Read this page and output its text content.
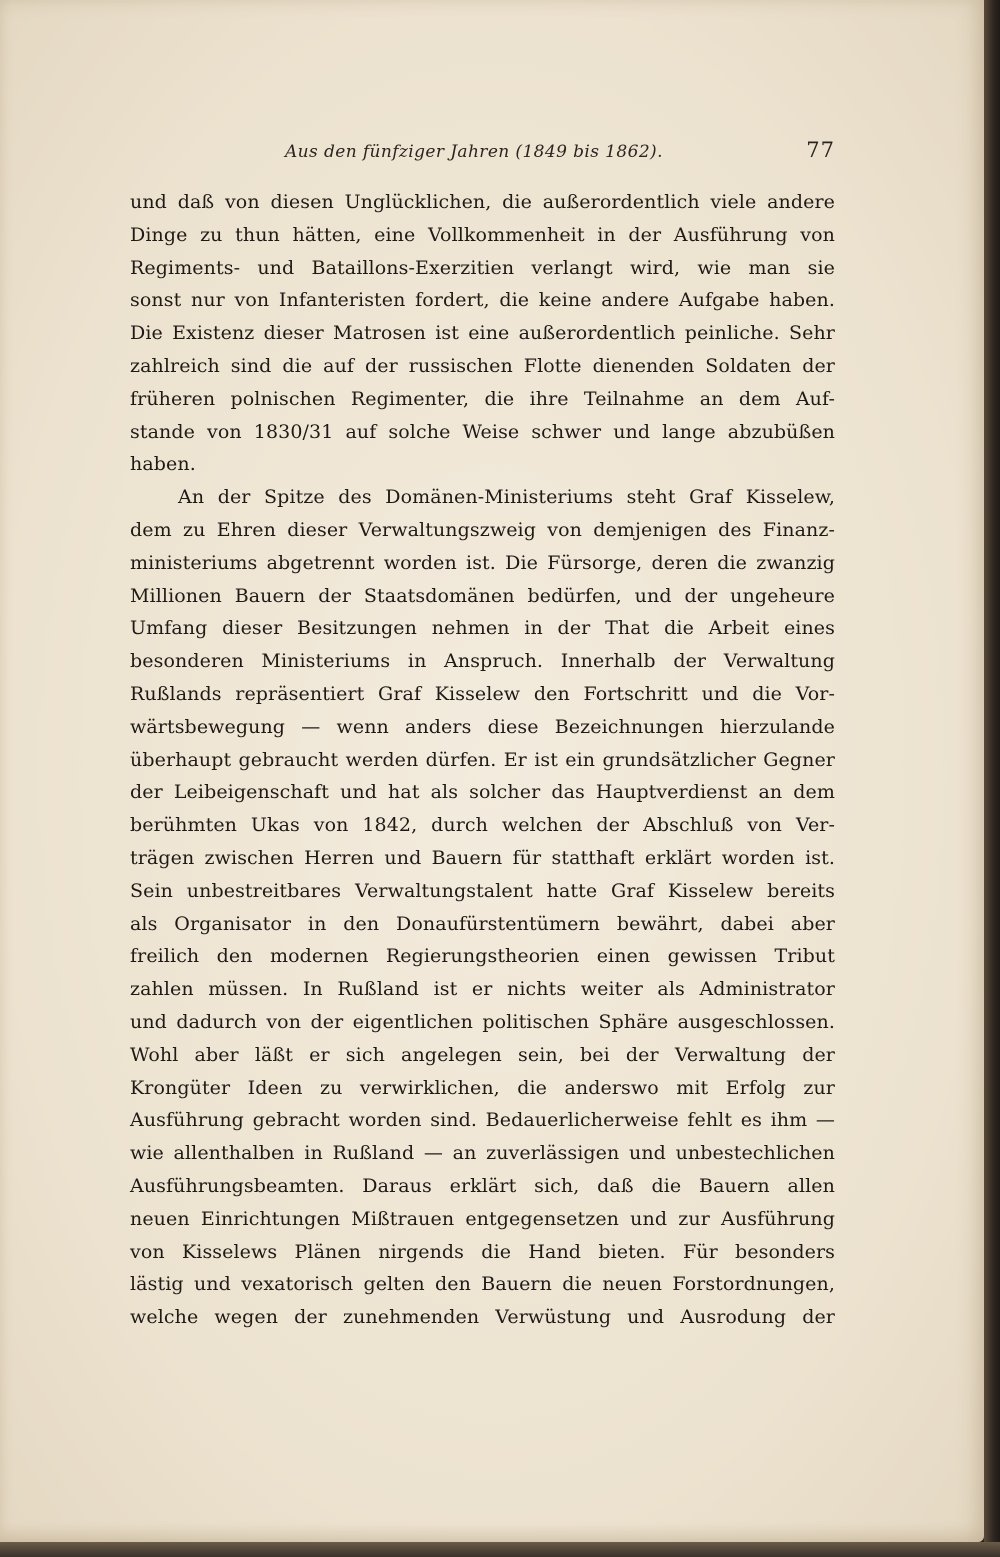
Aus den fünfziger Jahren (1849 bis 1862).	77
und daß von diesen Unglücklichen, die außerordentlich viele andere
Dinge zu thun hätten, eine Vollkommenheit in der Ausführung von
Regiments- und Bataillons-Exerzitien verlangt wird, wie man sie
sonst nur von Infanteristen fordert, die keine andere Aufgabe haben.
Die Existenz dieser Matrosen ist eine außerordentlich peinliche. Sehr
zahlreich sind die auf der russischen Flotte dienenden Soldaten der
früheren polnischen Regimenter, die ihre Teilnahme an dem Auf-
stande von 1830/31 auf solche Weise schwer und lange abzubüßen
haben.
An der Spitze des Domänen-Ministeriums steht Graf Kisselew,
dem zu Ehren dieser Verwaltungszweig von demjenigen des Finanz-
ministeriums abgetrennt worden ist. Die Fürsorge, deren die zwanzig
Millionen Bauern der Staatsdomänen bedürfen, und der ungeheure
Umfang dieser Besitzungen nehmen in der That die Arbeit eines
besonderen Ministeriums in Anspruch. Innerhalb der Verwaltung
Rußlands repräsentiert Graf Kisselew den Fortschritt und die Vor-
wärtsbewegung — wenn anders diese Bezeichnungen hierzulande
überhaupt gebraucht werden dürfen. Er ist ein grundsätzlicher Gegner
der Leibeigenschaft und hat als solcher das Hauptverdienst an dem
berühmten Ukas von 1842, durch welchen der Abschluß von Ver-
trägen zwischen Herren und Bauern für statthaft erklärt worden ist.
Sein unbestreitbares Verwaltungstalent hatte Graf Kisselew bereits
als Organisator in den Donaufürstentümern bewährt, dabei aber
freilich den modernen Regierungstheorien einen gewissen Tribut
zahlen müssen. In Rußland ist er nichts weiter als Administrator
und dadurch von der eigentlichen politischen Sphäre ausgeschlossen.
Wohl aber läßt er sich angelegen sein, bei der Verwaltung der
Krongüter Ideen zu verwirklichen, die anderswo mit Erfolg zur
Ausführung gebracht worden sind. Bedauerlicherweise fehlt es ihm —
wie allenthalben in Rußland — an zuverlässigen und unbestechlichen
Ausführungsbeamten. Daraus erklärt sich, daß die Bauern allen
neuen Einrichtungen Mißtrauen entgegensetzen und zur Ausführung
von Kisselews Plänen nirgends die Hand bieten. Für besonders
lästig und vexatorisch gelten den Bauern die neuen Forstordnungen,
welche wegen der zunehmenden Verwüstung und Ausrodung der
